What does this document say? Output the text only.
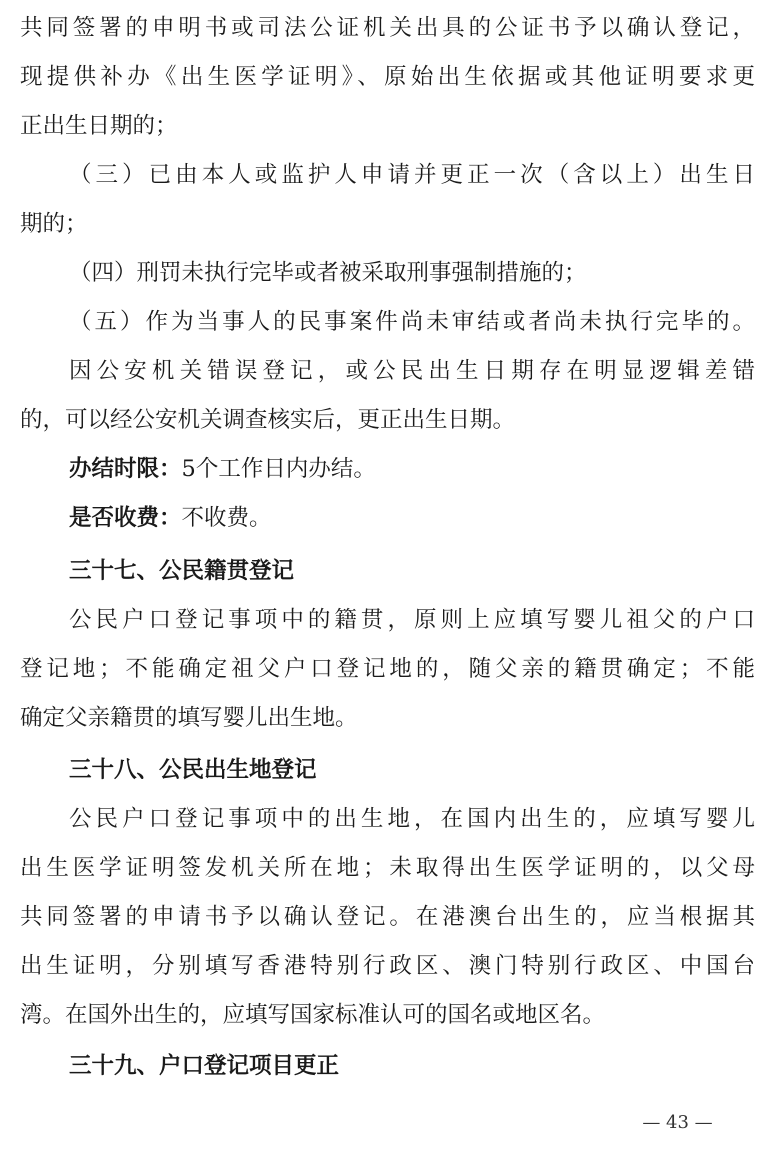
共同签署的申明书或司法公证机关出具的公证书予以确认登记，
现提供补办《出生医学证明》、原始出生依据或其他证明要求更
正出生日期的；
（三）已由本人或监护人申请并更正一次（含以上）出生日
期的；
（四）刑罚未执行完毕或者被采取刑事强制措施的；
（五）作为当事人的民事案件尚未审结或者尚未执行完毕的。
因公安机关错误登记，或公民出生日期存在明显逻辑差错
的，可以经公安机关调查核实后，更正出生日期。
办结时限：5个工作日内办结。
是否收费：不收费。
三十七、公民籍贯登记
公民户口登记事项中的籍贯，原则上应填写婴儿祖父的户口
登记地；不能确定祖父户口登记地的，随父亲的籍贯确定；不能
确定父亲籍贯的填写婴儿出生地。
三十八、公民出生地登记
公民户口登记事项中的出生地，在国内出生的，应填写婴儿
出生医学证明签发机关所在地；未取得出生医学证明的，以父母
共同签署的申请书予以确认登记。在港澳台出生的，应当根据其
出生证明，分别填写香港特别行政区、澳门特别行政区、中国台
湾。在国外出生的，应填写国家标准认可的国名或地区名。
三十九、户口登记项目更正
— 43 —
